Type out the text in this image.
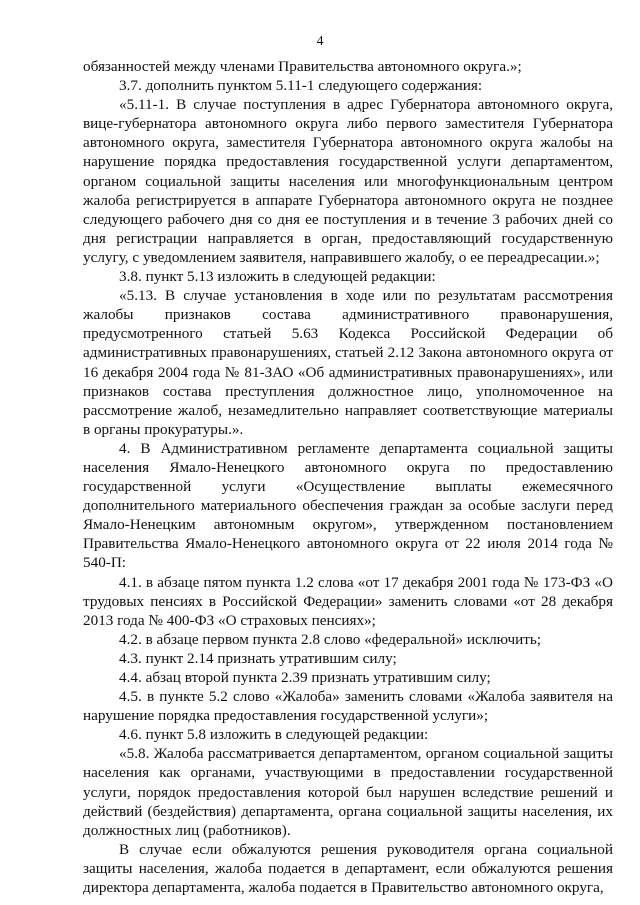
4

обязанностей между членами Правительства автономного округа.»;

3.7. дополнить пунктом 5.11-1 следующего содержания:

«5.11-1. В случае поступления в адрес Губернатора автономного округа, вице-губернатора автономного округа либо первого заместителя Губернатора автономного округа, заместителя Губернатора автономного округа жалобы на нарушение порядка предоставления государственной услуги департаментом, органом социальной защиты населения или многофункциональным центром жалоба регистрируется в аппарате Губернатора автономного округа не позднее следующего рабочего дня со дня ее поступления и в течение 3 рабочих дней со дня регистрации направляется в орган, предоставляющий государственную услугу, с уведомлением заявителя, направившего жалобу, о ее переадресации.»;

3.8. пункт 5.13 изложить в следующей редакции:

«5.13. В случае установления в ходе или по результатам рассмотрения жалобы признаков состава административного правонарушения, предусмотренного статьей 5.63 Кодекса Российской Федерации об административных правонарушениях, статьей 2.12 Закона автономного округа от 16 декабря 2004 года № 81-ЗАО «Об административных правонарушениях», или признаков состава преступления должностное лицо, уполномоченное на рассмотрение жалоб, незамедлительно направляет соответствующие материалы в органы прокуратуры.».

4. В Административном регламенте департамента социальной защиты населения Ямало-Ненецкого автономного округа по предоставлению государственной услуги «Осуществление выплаты ежемесячного дополнительного материального обеспечения граждан за особые заслуги перед Ямало-Ненецким автономным округом», утвержденном постановлением Правительства Ямало-Ненецкого автономного округа от 22 июля 2014 года № 540-П:

4.1. в абзаце пятом пункта 1.2 слова «от 17 декабря 2001 года № 173-ФЗ «О трудовых пенсиях в Российской Федерации» заменить словами «от 28 декабря 2013 года № 400-ФЗ «О страховых пенсиях»;

4.2. в абзаце первом пункта 2.8 слово «федеральной» исключить;

4.3. пункт 2.14 признать утратившим силу;

4.4. абзац второй пункта 2.39 признать утратившим силу;

4.5. в пункте 5.2 слово «Жалоба» заменить словами «Жалоба заявителя на нарушение порядка предоставления государственной услуги»;

4.6. пункт 5.8 изложить в следующей редакции:

«5.8. Жалоба рассматривается департаментом, органом социальной защиты населения как органами, участвующими в предоставлении государственной услуги, порядок предоставления которой был нарушен вследствие решений и действий (бездействия) департамента, органа социальной защиты населения, их должностных лиц (работников).

В случае если обжалуются решения руководителя органа социальной защиты населения, жалоба подается в департамент, если обжалуются решения директора департамента, жалоба подается в Правительство автономного округа,
